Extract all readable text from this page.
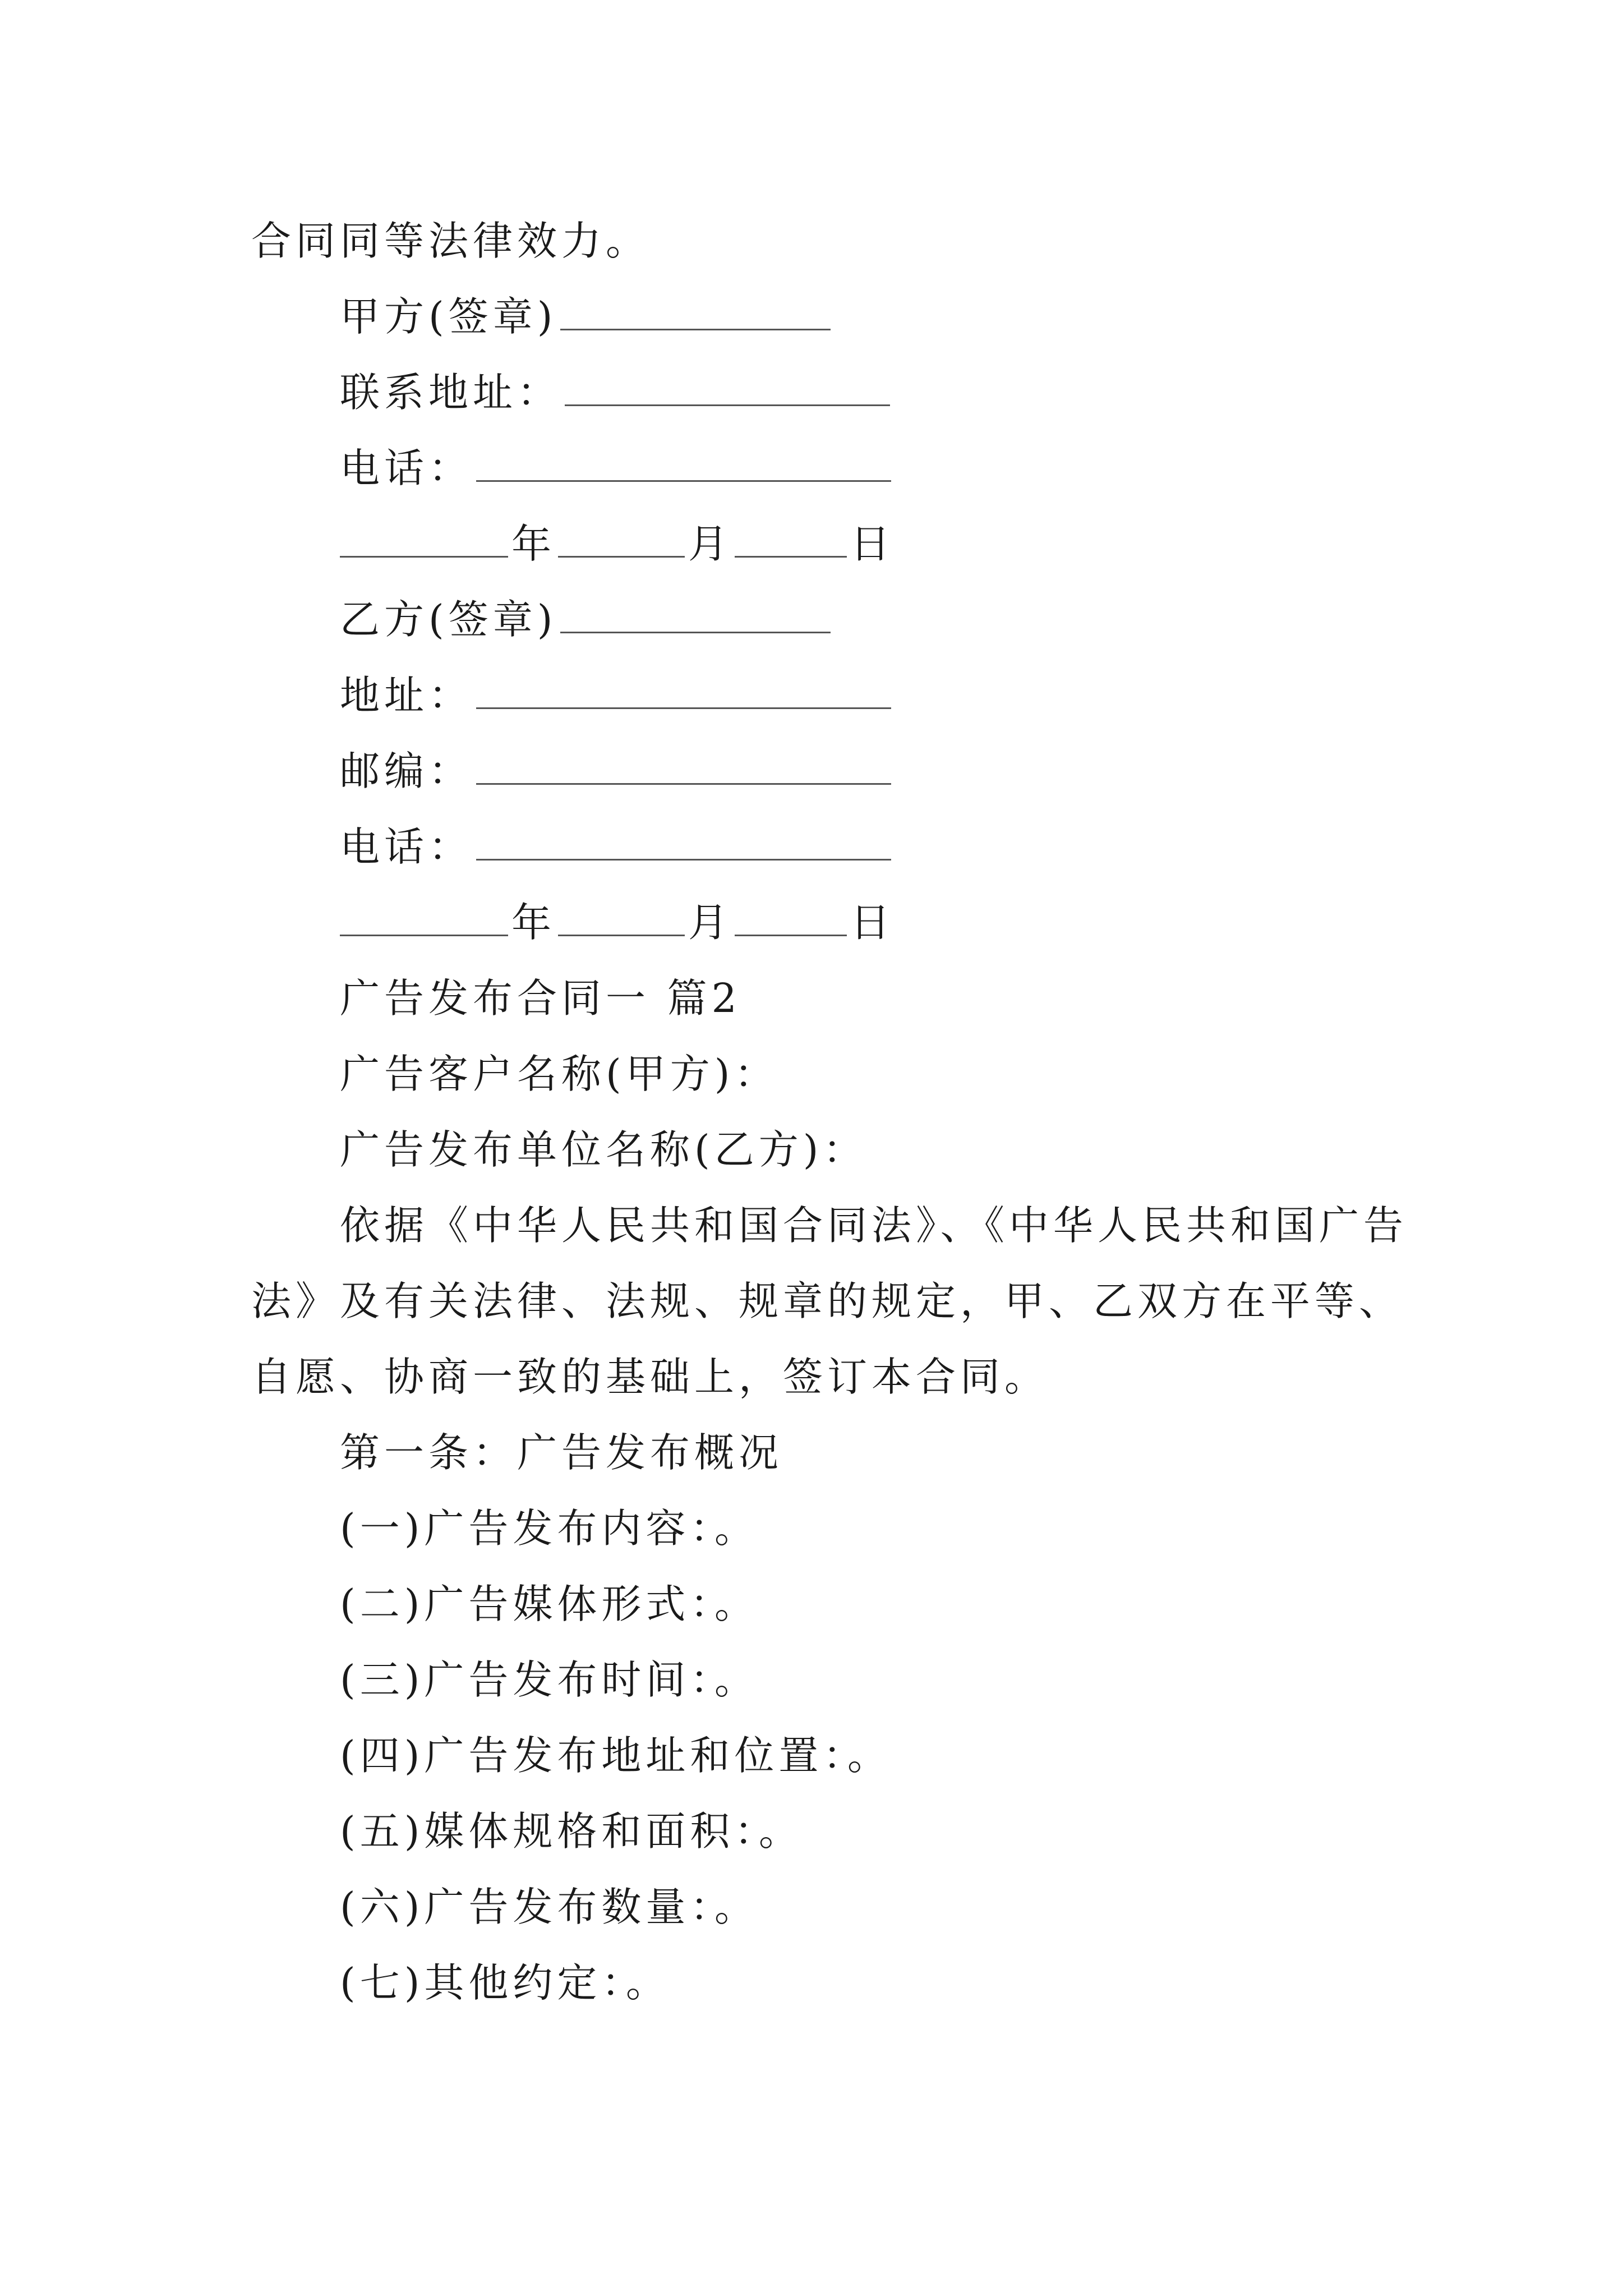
合同同等法律效力。
甲方(签章)
联系地址：
电话：
年	月	日
乙方(签章)
地址：
邮编：
电话：
年	月	日
广告发布合同一 篇2
广告客户名称(甲方)：
广告发布单位名称(乙方)：
依据《中华人民共和国合同法》、《中华人民共和国广告
法》及有关法律、法规、规章的规定，甲、乙双方在平等、
自愿、协商一致的基础上，签订本合同。
第一条：广告发布概况
(一)广告发布内容：。
(二)广告媒体形式：。
(三)广告发布时间：。
(四)广告发布地址和位置：。
(五)媒体规格和面积：。
(六)广告发布数量：。
(七)其他约定：。
